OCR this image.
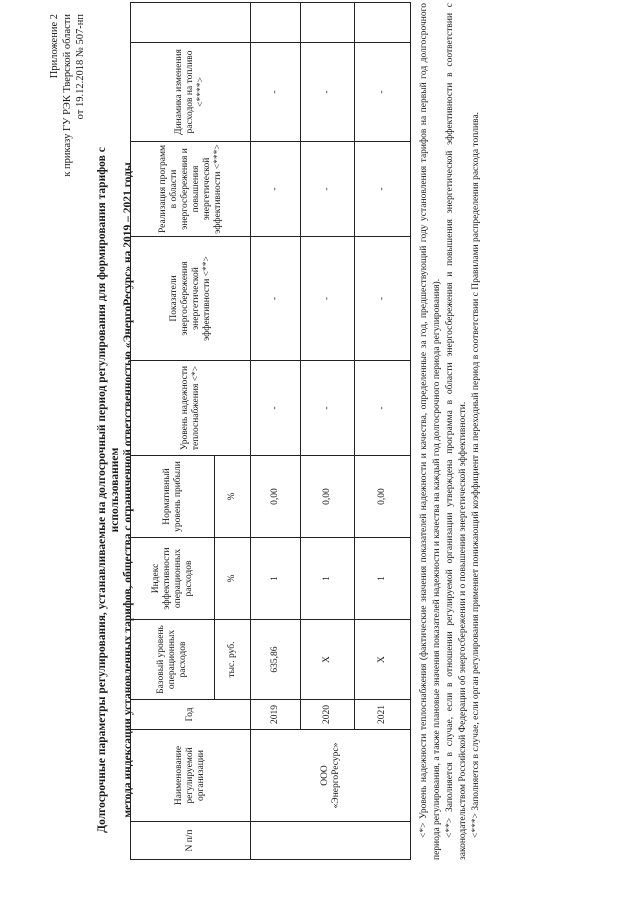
Приложение 2 к приказу ГУ РЭК Тверской области от 19.12.2018 № 507-нп
Долгосрочные параметры регулирования, устанавливаемые на долгосрочный период регулирования для формирования тарифов с использованием метода индексации установленных тарифов, общества с ограниченной ответственностью «ЭнергоРесурс» на 2019 – 2021 годы
N п/п	Наименование регулируемой организации	Год	Базовый уровень операционных расходов	Индекс эффективности операционных расходов	Нормативный уровень прибыли	Уровень надежности теплоснабжения <*>	Показатели энергосбережения энергетической эффективности <**>	Реализация программ в области энергосбережения и повышения энергетической эффективности <***>	Динамика изменения расходов на топливо <****>	
			тыс. руб.	%	%					
	ООО «ЭнергоРесурс»	2019	635,86	1	0,00	-	-	-	-	
		2020	Х	1	0,00	-	-	-	-	
		2021	Х	1	0,00	-	-	-	-		<*> Уровень надежности теплоснабжения (фактические значения показателей надежности и качества, определенные за год, предшествующий году установления тарифов на первый год долгосрочного периода регулирования, а также плановые значения показателей надежности и качества на каждый год долгосрочного периода регулирования). <**> Заполняется в случае, если в отношении регулируемой организации утверждена программа в области энергосбережения и повышения энергетической эффективности в соответствии с законодательством Российской Федерации об энергосбережении и о повышении энергетической эффективности. <***> Заполняется в случае, если орган регулирования применяет понижающий коэффициент на переходный период в соответствии с Правилами распределения расхода топлива.
